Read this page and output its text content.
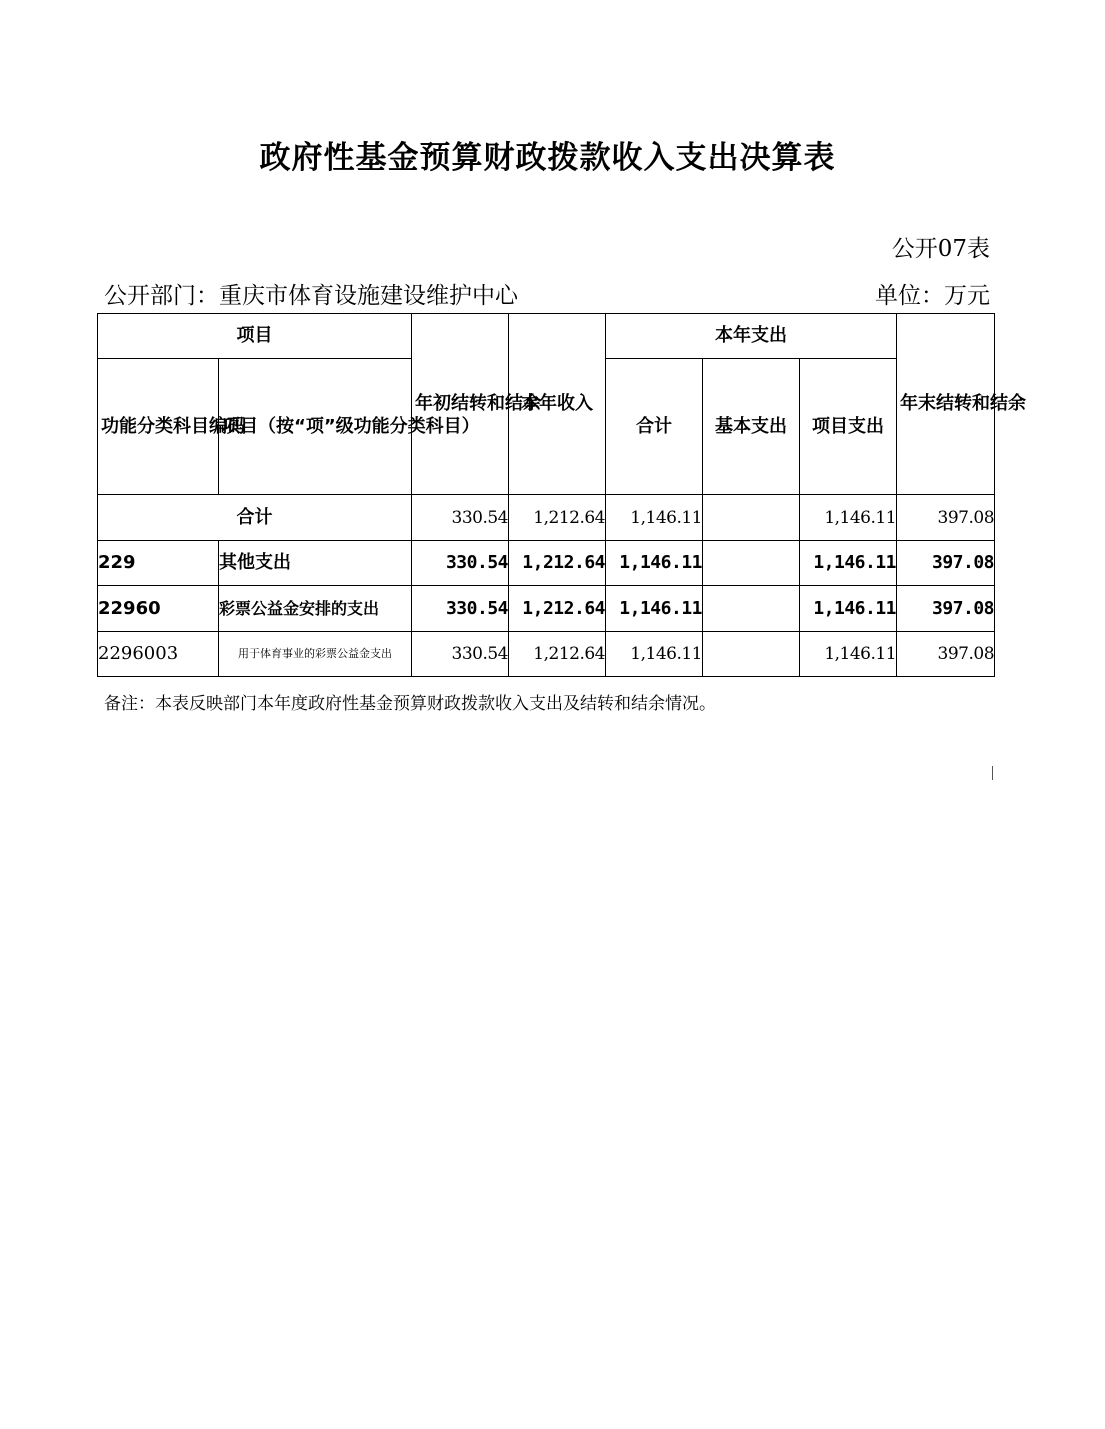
政府性基金预算财政拨款收入支出决算表
公开07表
公开部门：重庆市体育设施建设维护中心	单位：万元
项目		年初结转和结余	本年收入	本年支出			年末结转和结余
功能分类科目编码	项目（按“项”级功能分类科目）			合计	基本支出	项目支出	
合计		330.54	1,212.64	1,146.11		1,146.11	397.08
229	其他支出	330.54	1,212.64	1,146.11		1,146.11	397.08
22960	彩票公益金安排的支出	330.54	1,212.64	1,146.11		1,146.11	397.08
2296003	用于体育事业的彩票公益金支出	330.54	1,212.64	1,146.11		1,146.11	397.08
备注：本表反映部门本年度政府性基金预算财政拨款收入支出及结转和结余情况。
